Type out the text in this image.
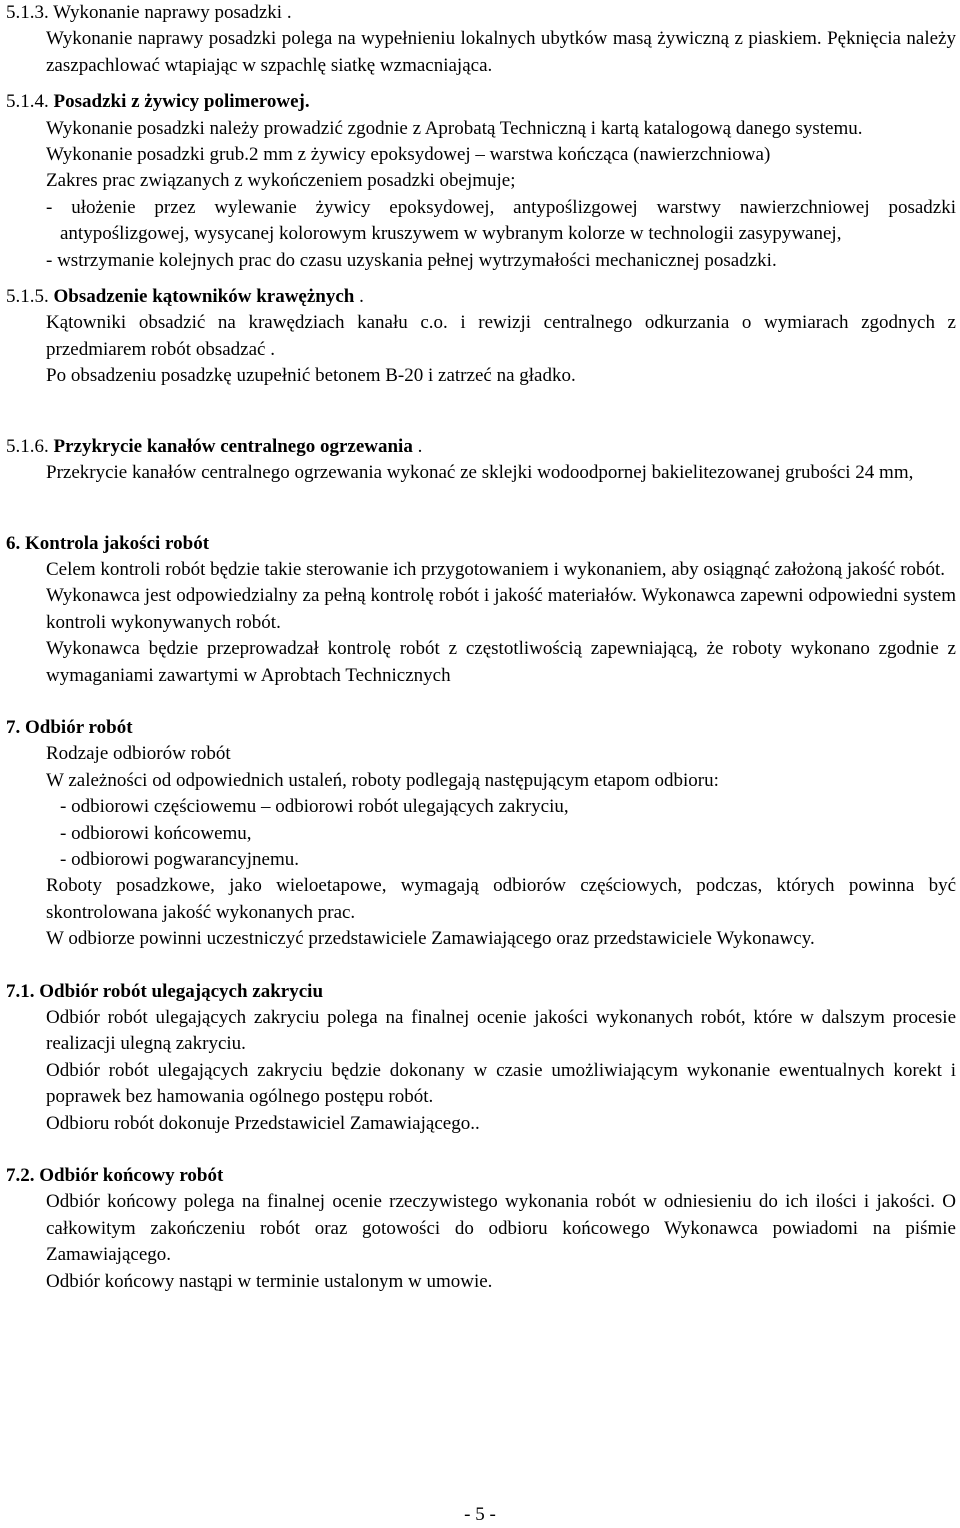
5.1.3. Wykonanie naprawy posadzki .

Wykonanie naprawy posadzki polega na wypełnieniu lokalnych ubytków masą żywiczną z piaskiem. Pęknięcia należy zaszpachlować wtapiając w szpachlę siatkę wzmacniająca.

5.1.4. Posadzki z żywicy polimerowej.

Wykonanie posadzki należy prowadzić zgodnie z Aprobatą Techniczną i kartą katalogową danego systemu.

Wykonanie posadzki grub.2 mm z żywicy epoksydowej – warstwa kończąca (nawierzchniowa)

Zakres prac związanych z wykończeniem posadzki obejmuje;

- ułożenie przez wylewanie żywicy epoksydowej, antypoślizgowej warstwy nawierzchniowej posadzki antypoślizgowej, wysycanej kolorowym kruszywem w wybranym kolorze w technologii zasypywanej,

- wstrzymanie kolejnych prac do czasu uzyskania pełnej wytrzymałości mechanicznej posadzki.

5.1.5. Obsadzenie kątowników krawężnych .

Kątowniki obsadzić na krawędziach kanału c.o. i rewizji centralnego odkurzania o wymiarach zgodnych z przedmiarem robót obsadzać .

Po obsadzeniu posadzkę uzupełnić betonem B-20 i zatrzeć na gładko.

5.1.6. Przykrycie kanałów centralnego ogrzewania .

Przekrycie kanałów centralnego ogrzewania wykonać ze sklejki wodoodpornej bakielitezowanej grubości 24 mm,

6. Kontrola jakości robót

Celem kontroli robót będzie takie sterowanie ich przygotowaniem i wykonaniem, aby osiągnąć założoną jakość robót.

Wykonawca jest odpowiedzialny za pełną kontrolę robót i jakość materiałów. Wykonawca zapewni odpowiedni system kontroli wykonywanych robót.

Wykonawca będzie przeprowadzał kontrolę robót z częstotliwością zapewniającą, że roboty wykonano zgodnie z wymaganiami zawartymi w Aprobtach Technicznych

7. Odbiór robót

Rodzaje odbiorów robót

W zależności od odpowiednich ustaleń, roboty podlegają następującym etapom odbioru:

- odbiorowi częściowemu – odbiorowi robót ulegających zakryciu,

- odbiorowi końcowemu,

- odbiorowi pogwarancyjnemu.

Roboty posadzkowe, jako wieloetapowe, wymagają odbiorów częściowych, podczas, których powinna być skontrolowana jakość wykonanych prac.

W odbiorze powinni uczestniczyć przedstawiciele Zamawiającego oraz przedstawiciele Wykonawcy.

7.1. Odbiór robót ulegających zakryciu

Odbiór robót ulegających zakryciu polega na finalnej ocenie jakości wykonanych robót, które w dalszym procesie realizacji ulegną zakryciu.

Odbiór robót ulegających zakryciu będzie dokonany w czasie umożliwiającym wykonanie ewentualnych korekt i poprawek bez hamowania ogólnego postępu robót.

Odbioru robót dokonuje Przedstawiciel Zamawiającego..

7.2. Odbiór końcowy robót

Odbiór końcowy polega na finalnej ocenie rzeczywistego wykonania robót w odniesieniu do ich ilości i jakości. O całkowitym zakończeniu robót oraz gotowości do odbioru końcowego Wykonawca powiadomi na piśmie Zamawiającego.

Odbiór końcowy nastąpi w terminie ustalonym w umowie.

- 5 -
